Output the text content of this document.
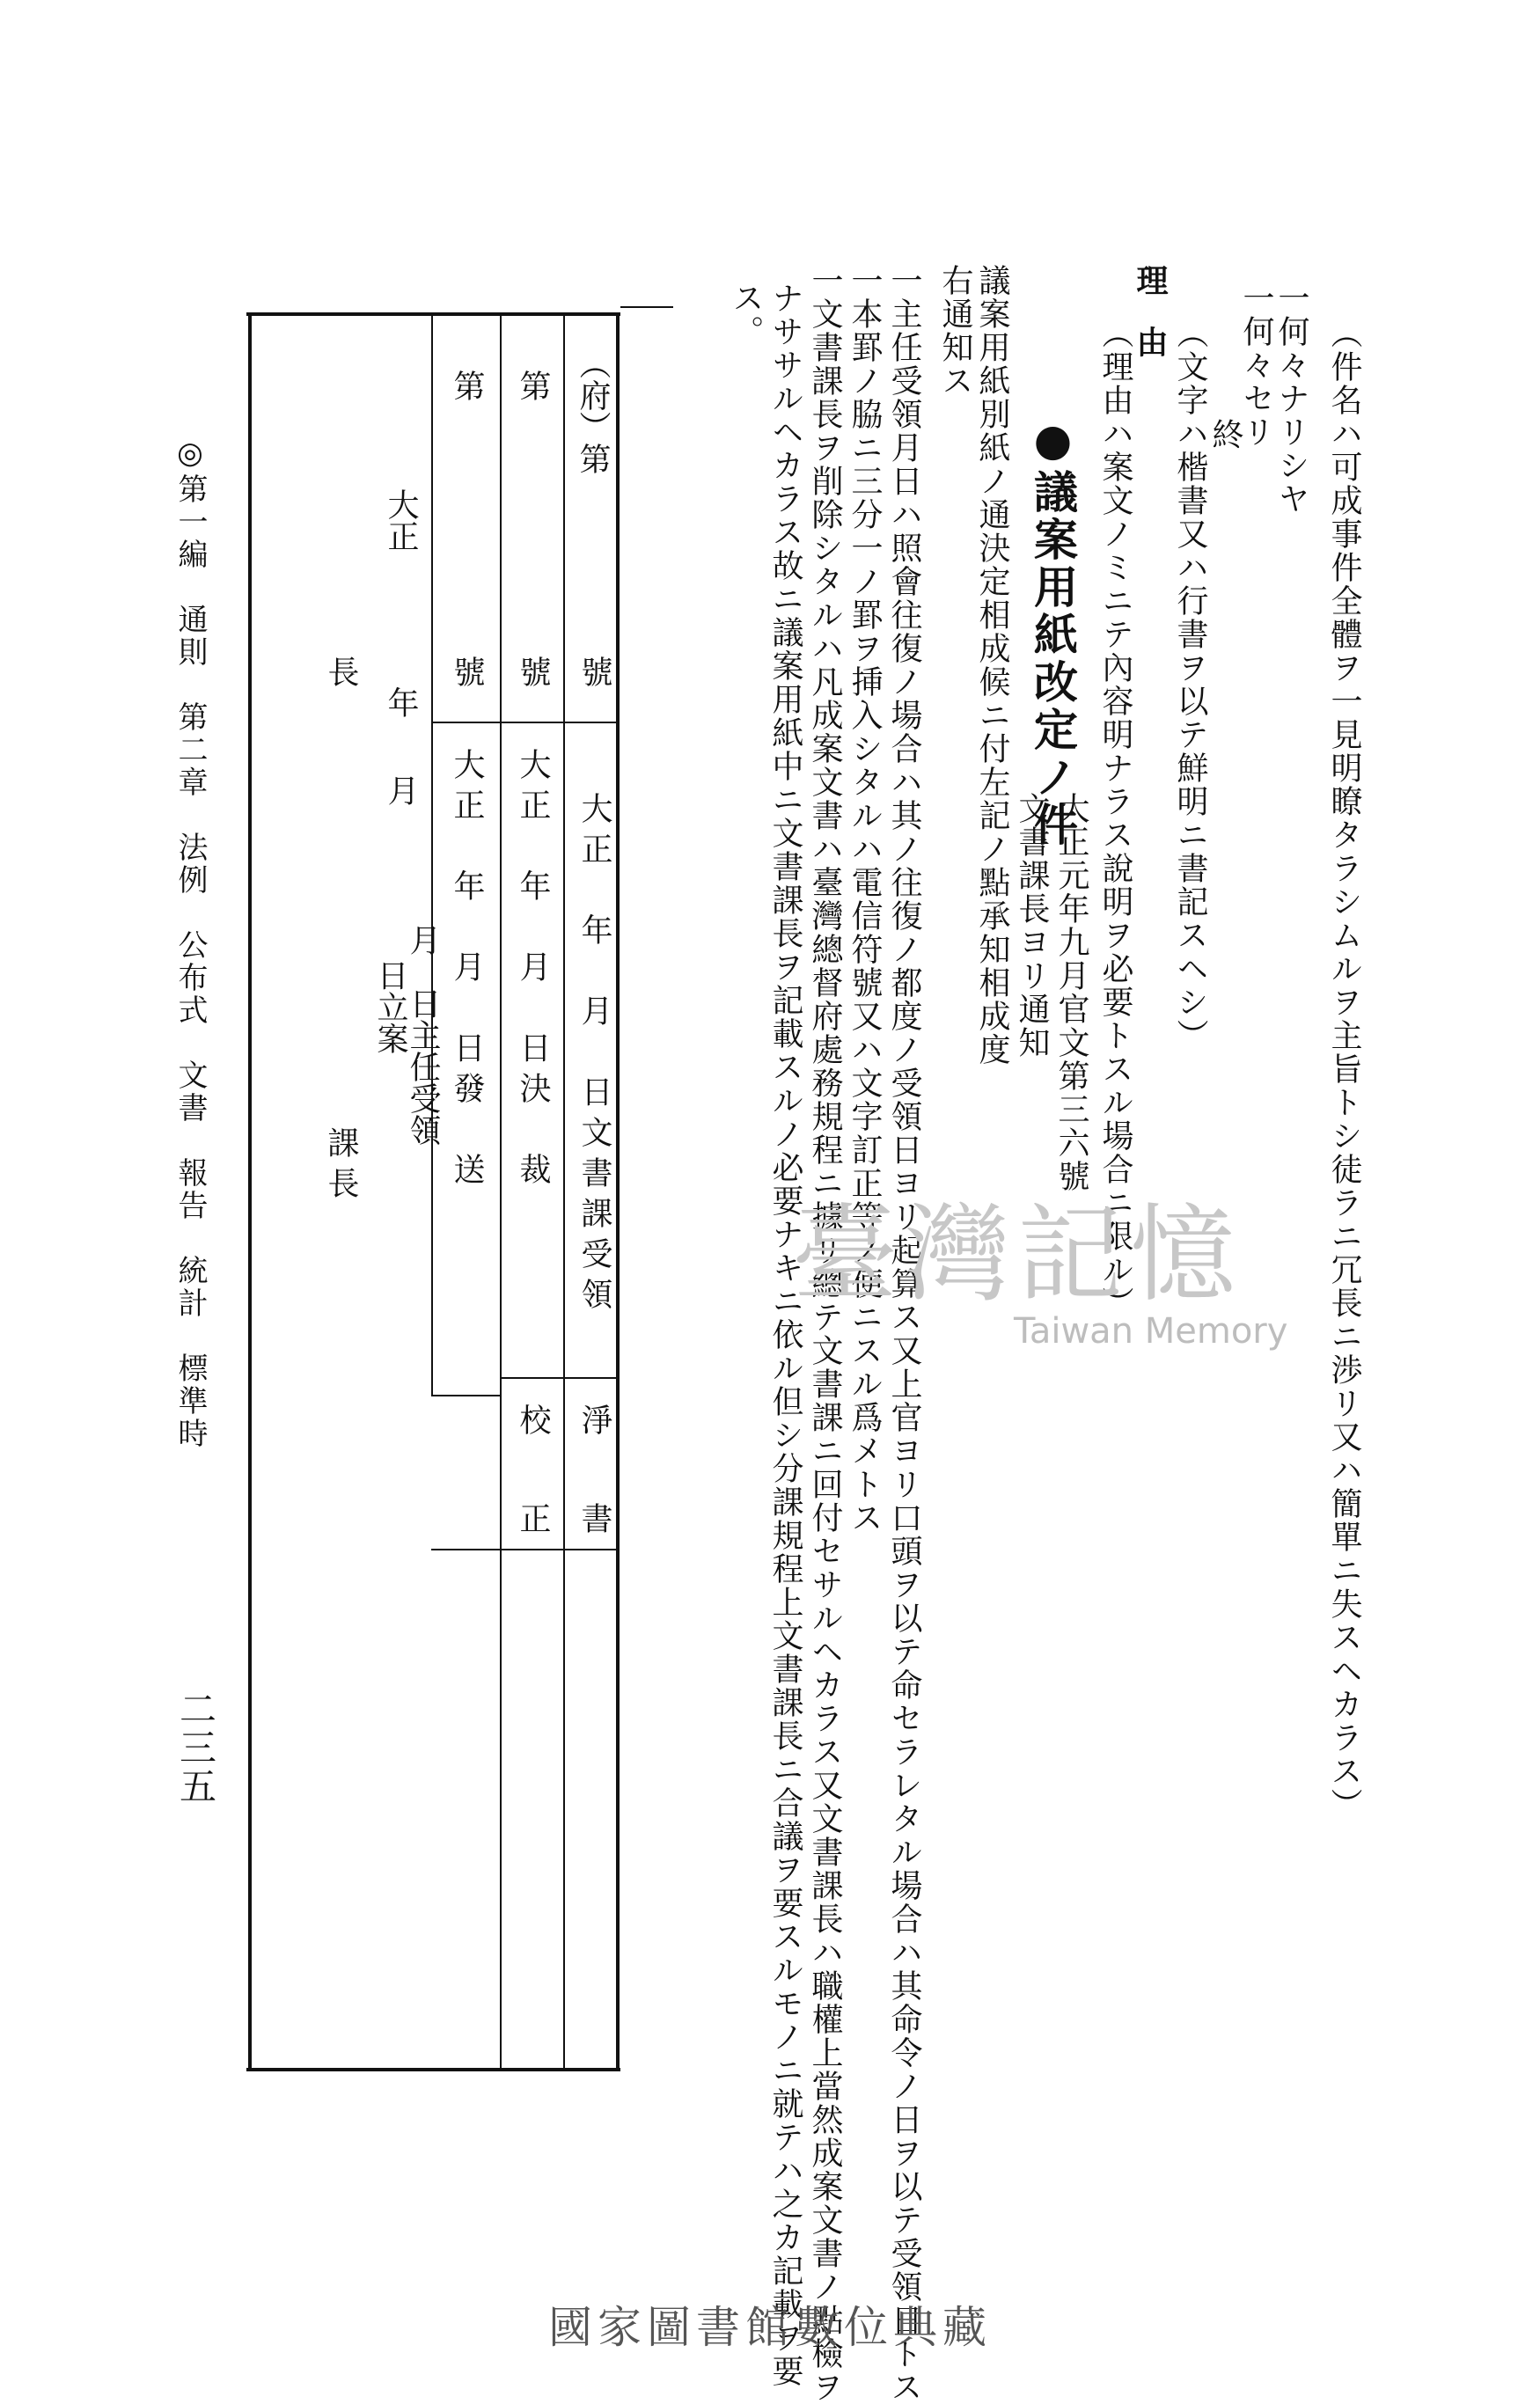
（件名ハ可成事件全體ヲ一見明瞭タラシムルヲ主旨トシ徒ラニ冗長ニ渉リ又ハ簡單ニ失スヘカラス）
一何々ナリシヤ
一何々セリ
終
理由 （文字ハ楷書又ハ行書ヲ以テ鮮明ニ書記スヘシ）
（理由ハ案文ノミニテ內容明ナラス說明ヲ必要トスル場合ニ限ル）
●議案用紙改定ノ件
大正元年九月官文第三六號
文書課長ヨリ通知
議案用紙別紙ノ通決定相成候ニ付左記ノ點承知相成度
右通知ス
一主任受領月日ハ照會往復ノ場合ハ其ノ往復ノ都度ノ受領日ヨリ起算ス又上官ヨリ口頭ヲ以テ命セラレタル場合ハ其命令ノ日ヲ以テ受領日トス
一本罫ノ脇ニ三分一ノ罫ヲ挿入シタルハ電信符號又ハ文字訂正等ノ便ニスル爲メトス
一文書課長ヲ削除シタルハ凡成案文書ハ臺灣總督府處務規程ニ據リ總テ文書課ニ回付セサルヘカラス又文書課長ハ職權上當然成案文書ノ點檢ヲ
ナササルヘカラス故ニ議案用紙中ニ文書課長ヲ記載スルノ必要ナキニ依ル但シ分課規程上文書課長ニ合議ヲ要スルモノニ就テハ之カ記載ヲ要
ス。
（府）第
號
大正　年　月　日文書課受領
淨　書
第
號
大正　年　月　日決　裁
校　正
第
號
大正　年　月　日發　送
大正
年
月
月　日主任受領
日立案
長
課長
◎第一編　通則　第二章　法例　公布式　文書　報告　統計　標準時
二三五
臺灣記憶
Taiwan Memory
國家圖書館數位典藏
